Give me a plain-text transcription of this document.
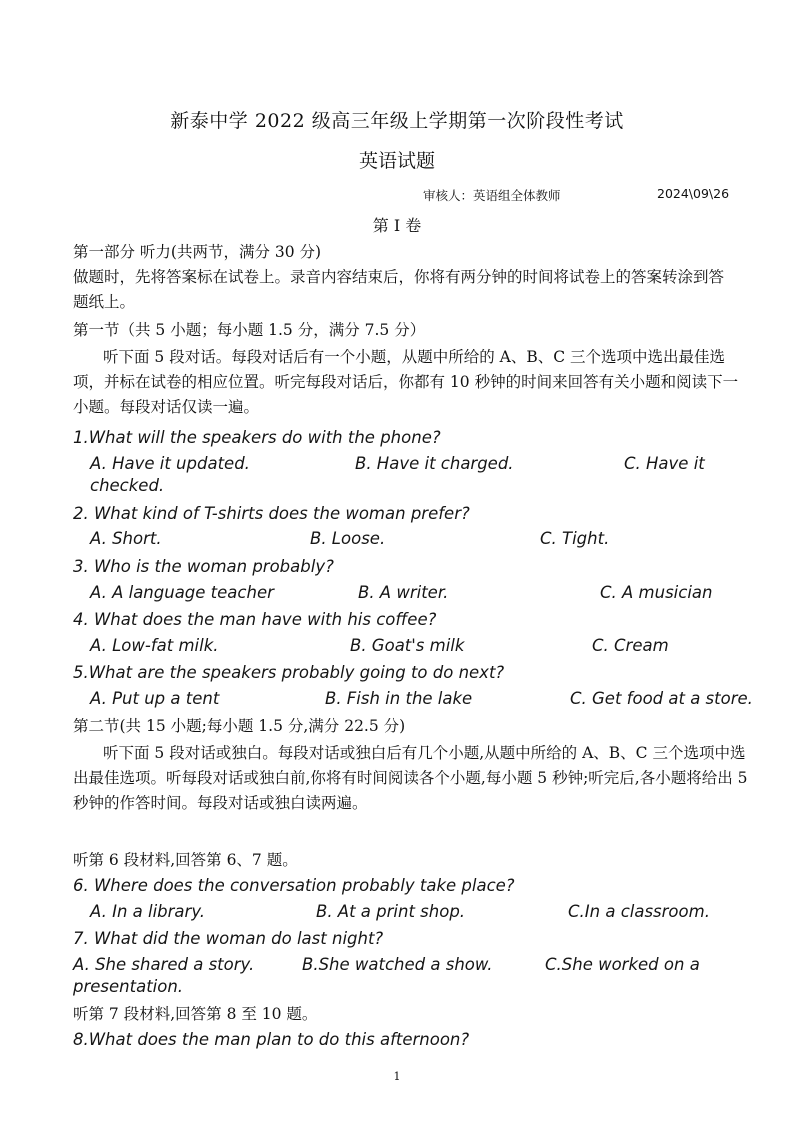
新泰中学 2022 级高三年级上学期第一次阶段性考试
英语试题
审核人：英语组全体教师	2024\09\26
第 I 卷
第一部分 听力(共两节，满分 30 分)
做题时，先将答案标在试卷上。录音内容结束后，你将有两分钟的时间将试卷上的答案转涂到答题纸上。
第一节（共 5 小题；每小题 1.5 分，满分 7.5 分）
听下面 5 段对话。每段对话后有一个小题，从题中所给的 A、B、C 三个选项中选出最佳选项，并标在试卷的相应位置。听完每段对话后，你都有 10 秒钟的时间来回答有关小题和阅读下一小题。每段对话仅读一遍。
1.What will the speakers do with the phone?
A. Have it updated.	B. Have it charged.	C. Have it
checked.
2. What kind of T-shirts does the woman prefer?
A. Short.	B. Loose.	C. Tight.
3. Who is the woman probably?
A. A language teacher	B. A writer.	C. A musician
4. What does the man have with his coffee?
A. Low-fat milk.	B. Goat's milk	C. Cream
5.What are the speakers probably going to do next?
A. Put up a tent	B. Fish in the lake	C. Get food at a store.
第二节(共 15 小题;每小题 1.5 分,满分 22.5 分)
听下面 5 段对话或独白。每段对话或独白后有几个小题,从题中所给的 A、B、C 三个选项中选出最佳选项。听每段对话或独白前,你将有时间阅读各个小题,每小题 5 秒钟;听完后,各小题将给出 5 秒钟的作答时间。每段对话或独白读两遍。
听第 6 段材料,回答第 6、7 题。
6. Where does the conversation probably take place?
A. In a library.	B. At a print shop.	C.In a classroom.
7. What did the woman do last night?
A. She shared a story.	B.She watched a show.	C.She worked on a
presentation.
听第 7 段材料,回答第 8 至 10 题。
8.What does the man plan to do this afternoon?
1
